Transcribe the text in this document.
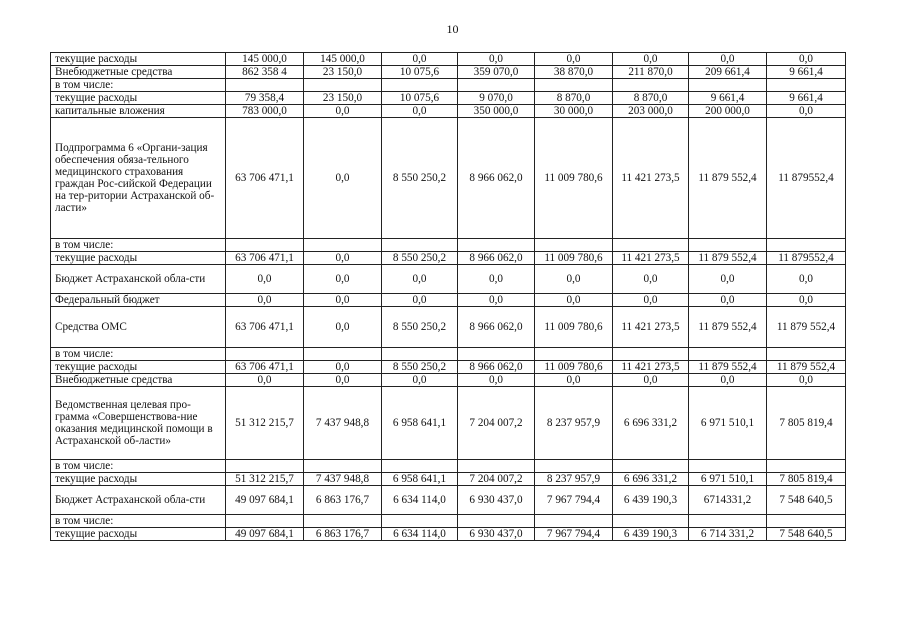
10
текущие расходы	145 000,0	145 000,0	0,0	0,0	0,0	0,0	0,0	0,0
Внебюджетные средства	862 358 4	23 150,0	10 075,6	359 070,0	38 870,0	211 870,0	209 661,4	9 661,4
в том числе:								
текущие расходы	79 358,4	23 150,0	10 075,6	9 070,0	8 870,0	8 870,0	9 661,4	9 661,4
капитальные вложения	783 000,0	0,0	0,0	350 000,0	30 000,0	203 000,0	200 000,0	0,0
Подпрограмма 6 «Органи-зация обеспечения обяза-тельного медицинского страхования граждан Рос-сийской Федерации на тер-ритории Астраханской об-ласти»	63 706 471,1	0,0	8 550 250,2	8 966 062,0	11 009 780,6	11 421 273,5	11 879 552,4	11 879552,4
в том числе:								
текущие расходы	63 706 471,1	0,0	8 550 250,2	8 966 062,0	11 009 780,6	11 421 273,5	11 879 552,4	11 879552,4
Бюджет Астраханской обла-сти	0,0	0,0	0,0	0,0	0,0	0,0	0,0	0,0
Федеральный бюджет	0,0	0,0	0,0	0,0	0,0	0,0	0,0	0,0
Средства ОМС	63 706 471,1	0,0	8 550 250,2	8 966 062,0	11 009 780,6	11 421 273,5	11 879 552,4	11 879 552,4
в том числе:								
текущие расходы	63 706 471,1	0,0	8 550 250,2	8 966 062,0	11 009 780,6	11 421 273,5	11 879 552,4	11 879 552,4
Внебюджетные средства	0,0	0,0	0,0	0,0	0,0	0,0	0,0	0,0
Ведомственная целевая про-грамма «Совершенствова-ние оказания медицинской помощи в Астраханской об-ласти»	51 312 215,7	7 437 948,8	6 958 641,1	7 204 007,2	8 237 957,9	6 696 331,2	6 971 510,1	7 805 819,4
в том числе:								
текущие расходы	51 312 215,7	7 437 948,8	6 958 641,1	7 204 007,2	8 237 957,9	6 696 331,2	6 971 510,1	7 805 819,4
Бюджет Астраханской обла-сти	49 097 684,1	6 863 176,7	6 634 114,0	6 930 437,0	7 967 794,4	6 439 190,3	6714331,2	7 548 640,5
в том числе:								
текущие расходы	49 097 684,1	6 863 176,7	6 634 114,0	6 930 437,0	7 967 794,4	6 439 190,3	6 714 331,2	7 548 640,5
